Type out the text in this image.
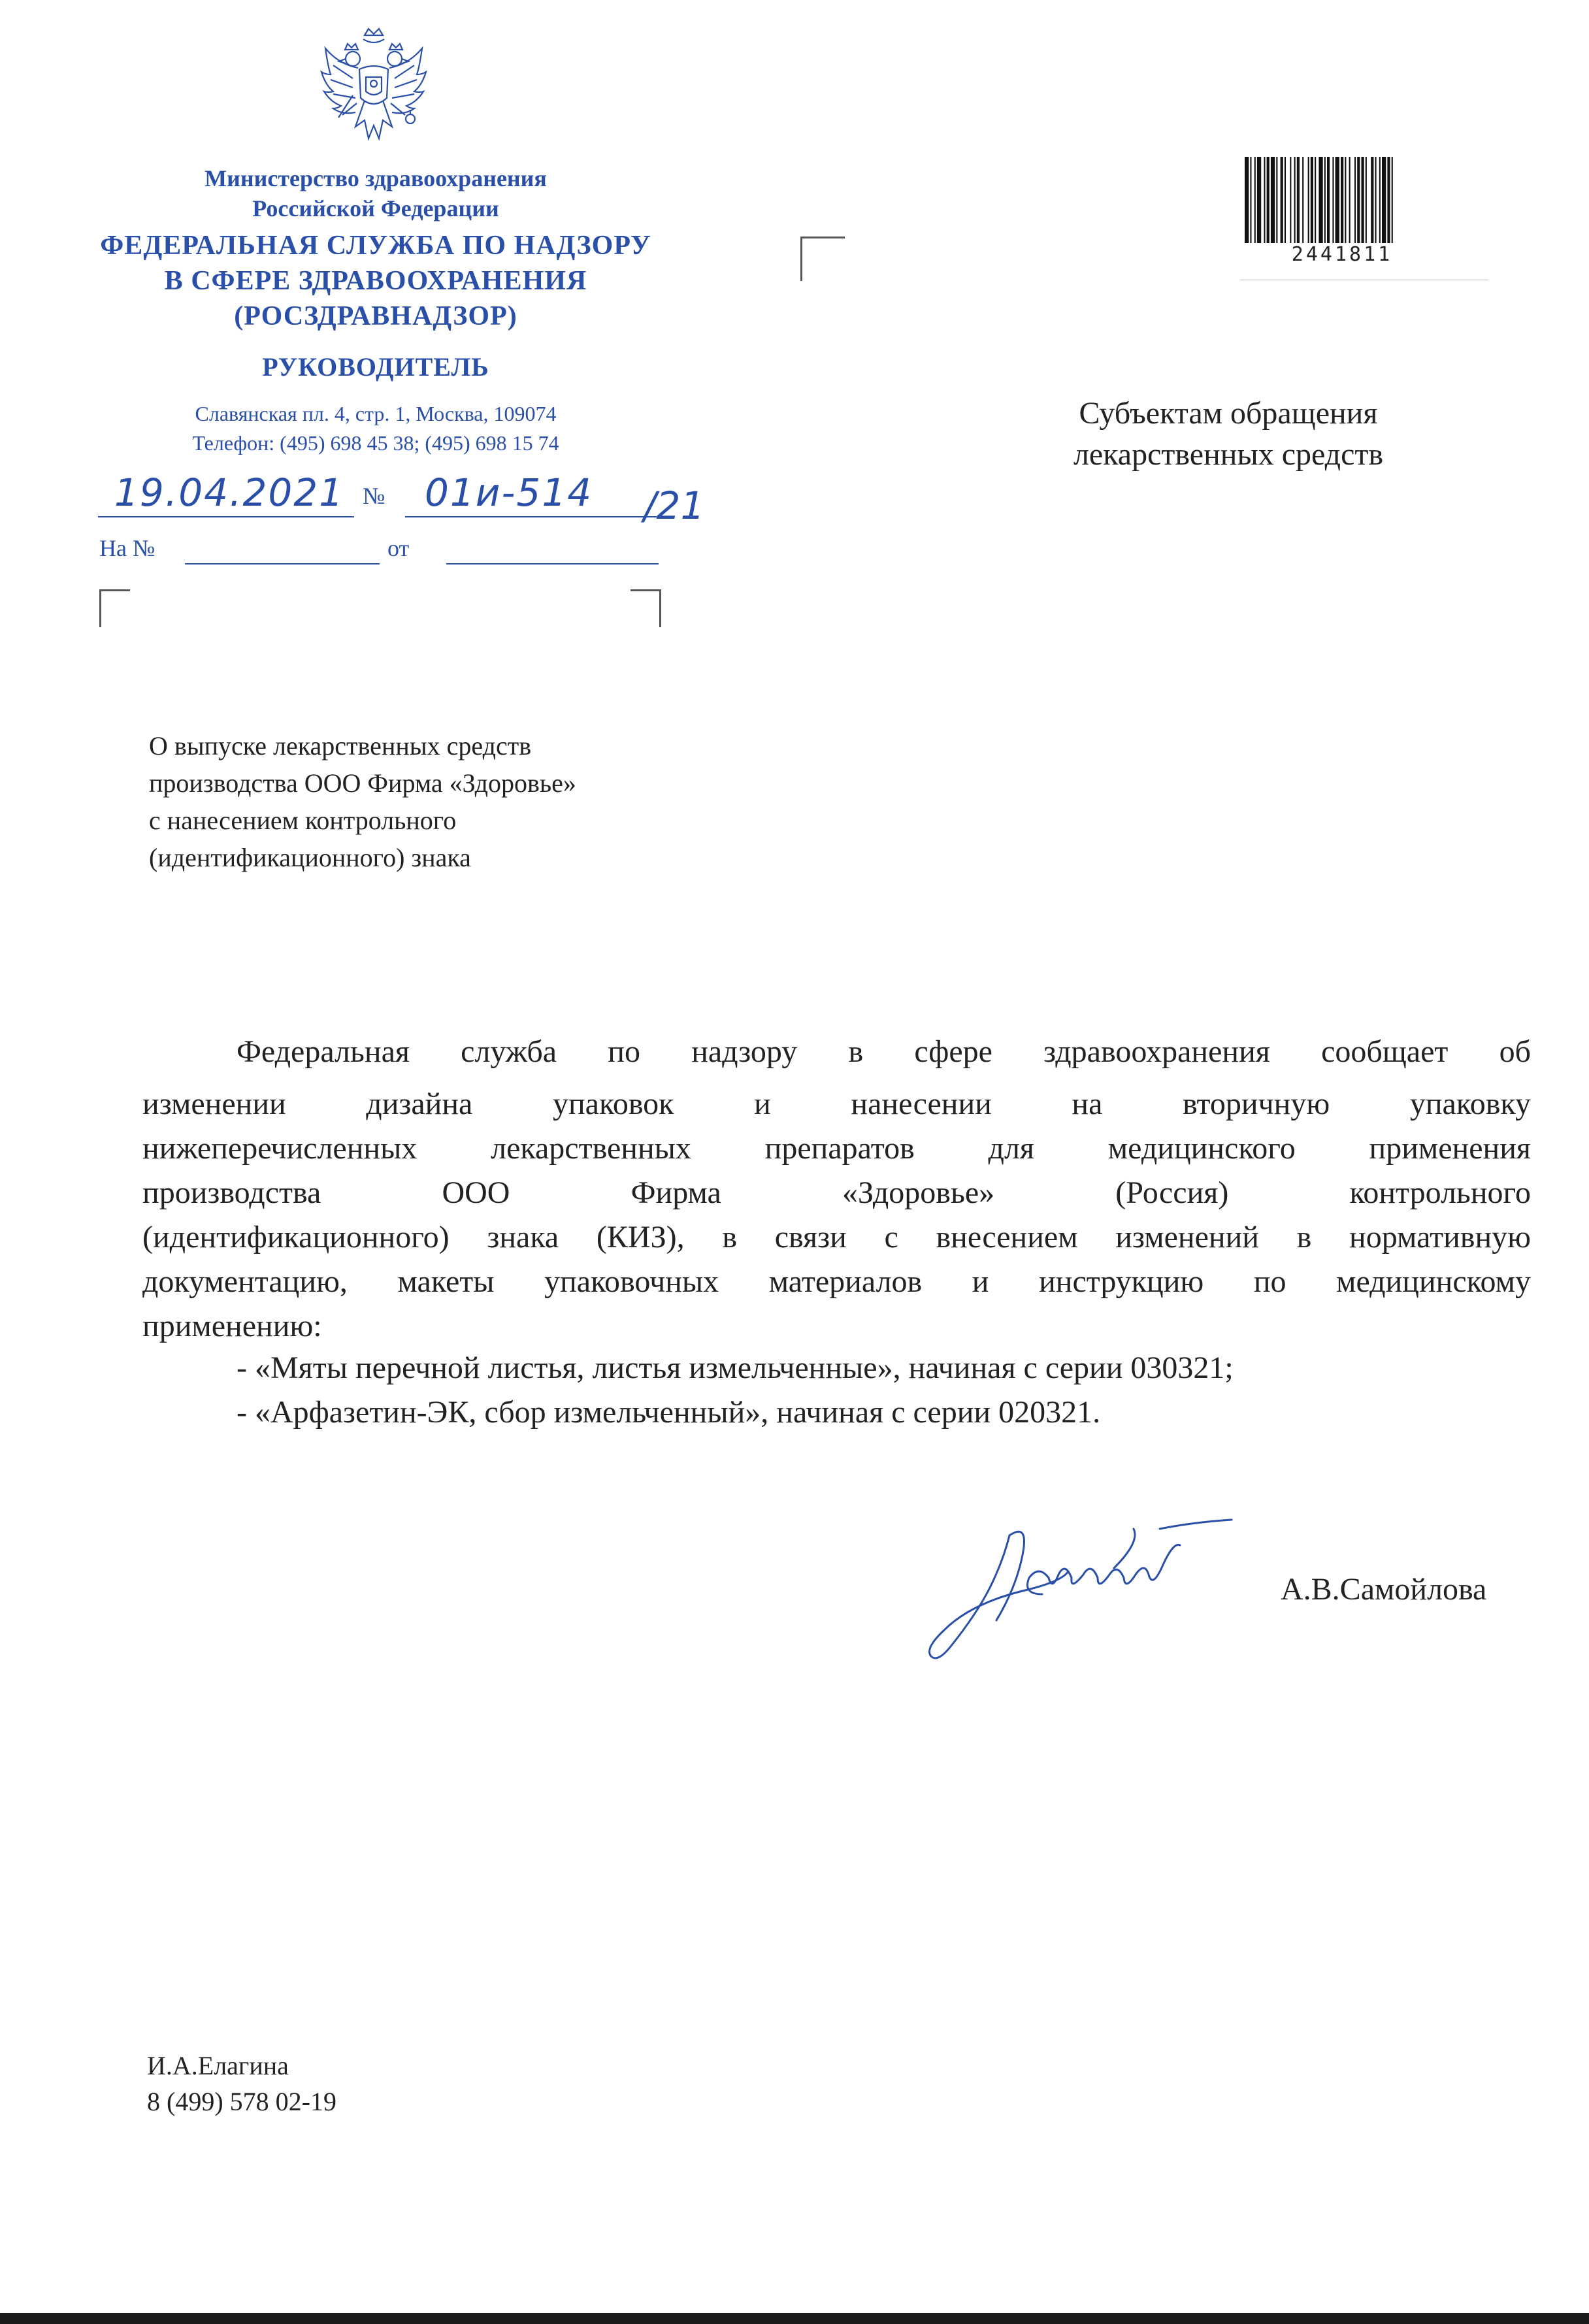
Министерство здравоохранения
Российской Федерации
ФЕДЕРАЛЬНАЯ СЛУЖБА ПО НАДЗОРУ
В СФЕРЕ ЗДРАВООХРАНЕНИЯ
(РОСЗДРАВНАДЗОР)
РУКОВОДИТЕЛЬ
Славянская пл. 4, стр. 1, Москва, 109074
Телефон: (495) 698 45 38; (495) 698 15 74
19.04.2021 № 01и-514 /21
На №	от
2441811
Субъектам обращения
лекарственных средств
О выпуске лекарственных средств
производства ООО Фирма «Здоровье»
с нанесением контрольного
(идентификационного) знака
Федеральная служба по надзору в сфере здравоохранения сообщает об
изменении дизайна упаковок и нанесении на вторичную упаковку
нижеперечисленных лекарственных препаратов для медицинского применения
производства ООО Фирма «Здоровье» (Россия) контрольного
(идентификационного) знака (КИЗ), в связи с внесением изменений в нормативную
документацию, макеты упаковочных материалов и инструкцию по медицинскому
применению:
- «Мяты перечной листья, листья измельченные», начиная с серии 030321;
- «Арфазетин-ЭК, сбор измельченный», начиная с серии 020321.
А.В.Самойлова
И.А.Елагина
8 (499) 578 02-19
